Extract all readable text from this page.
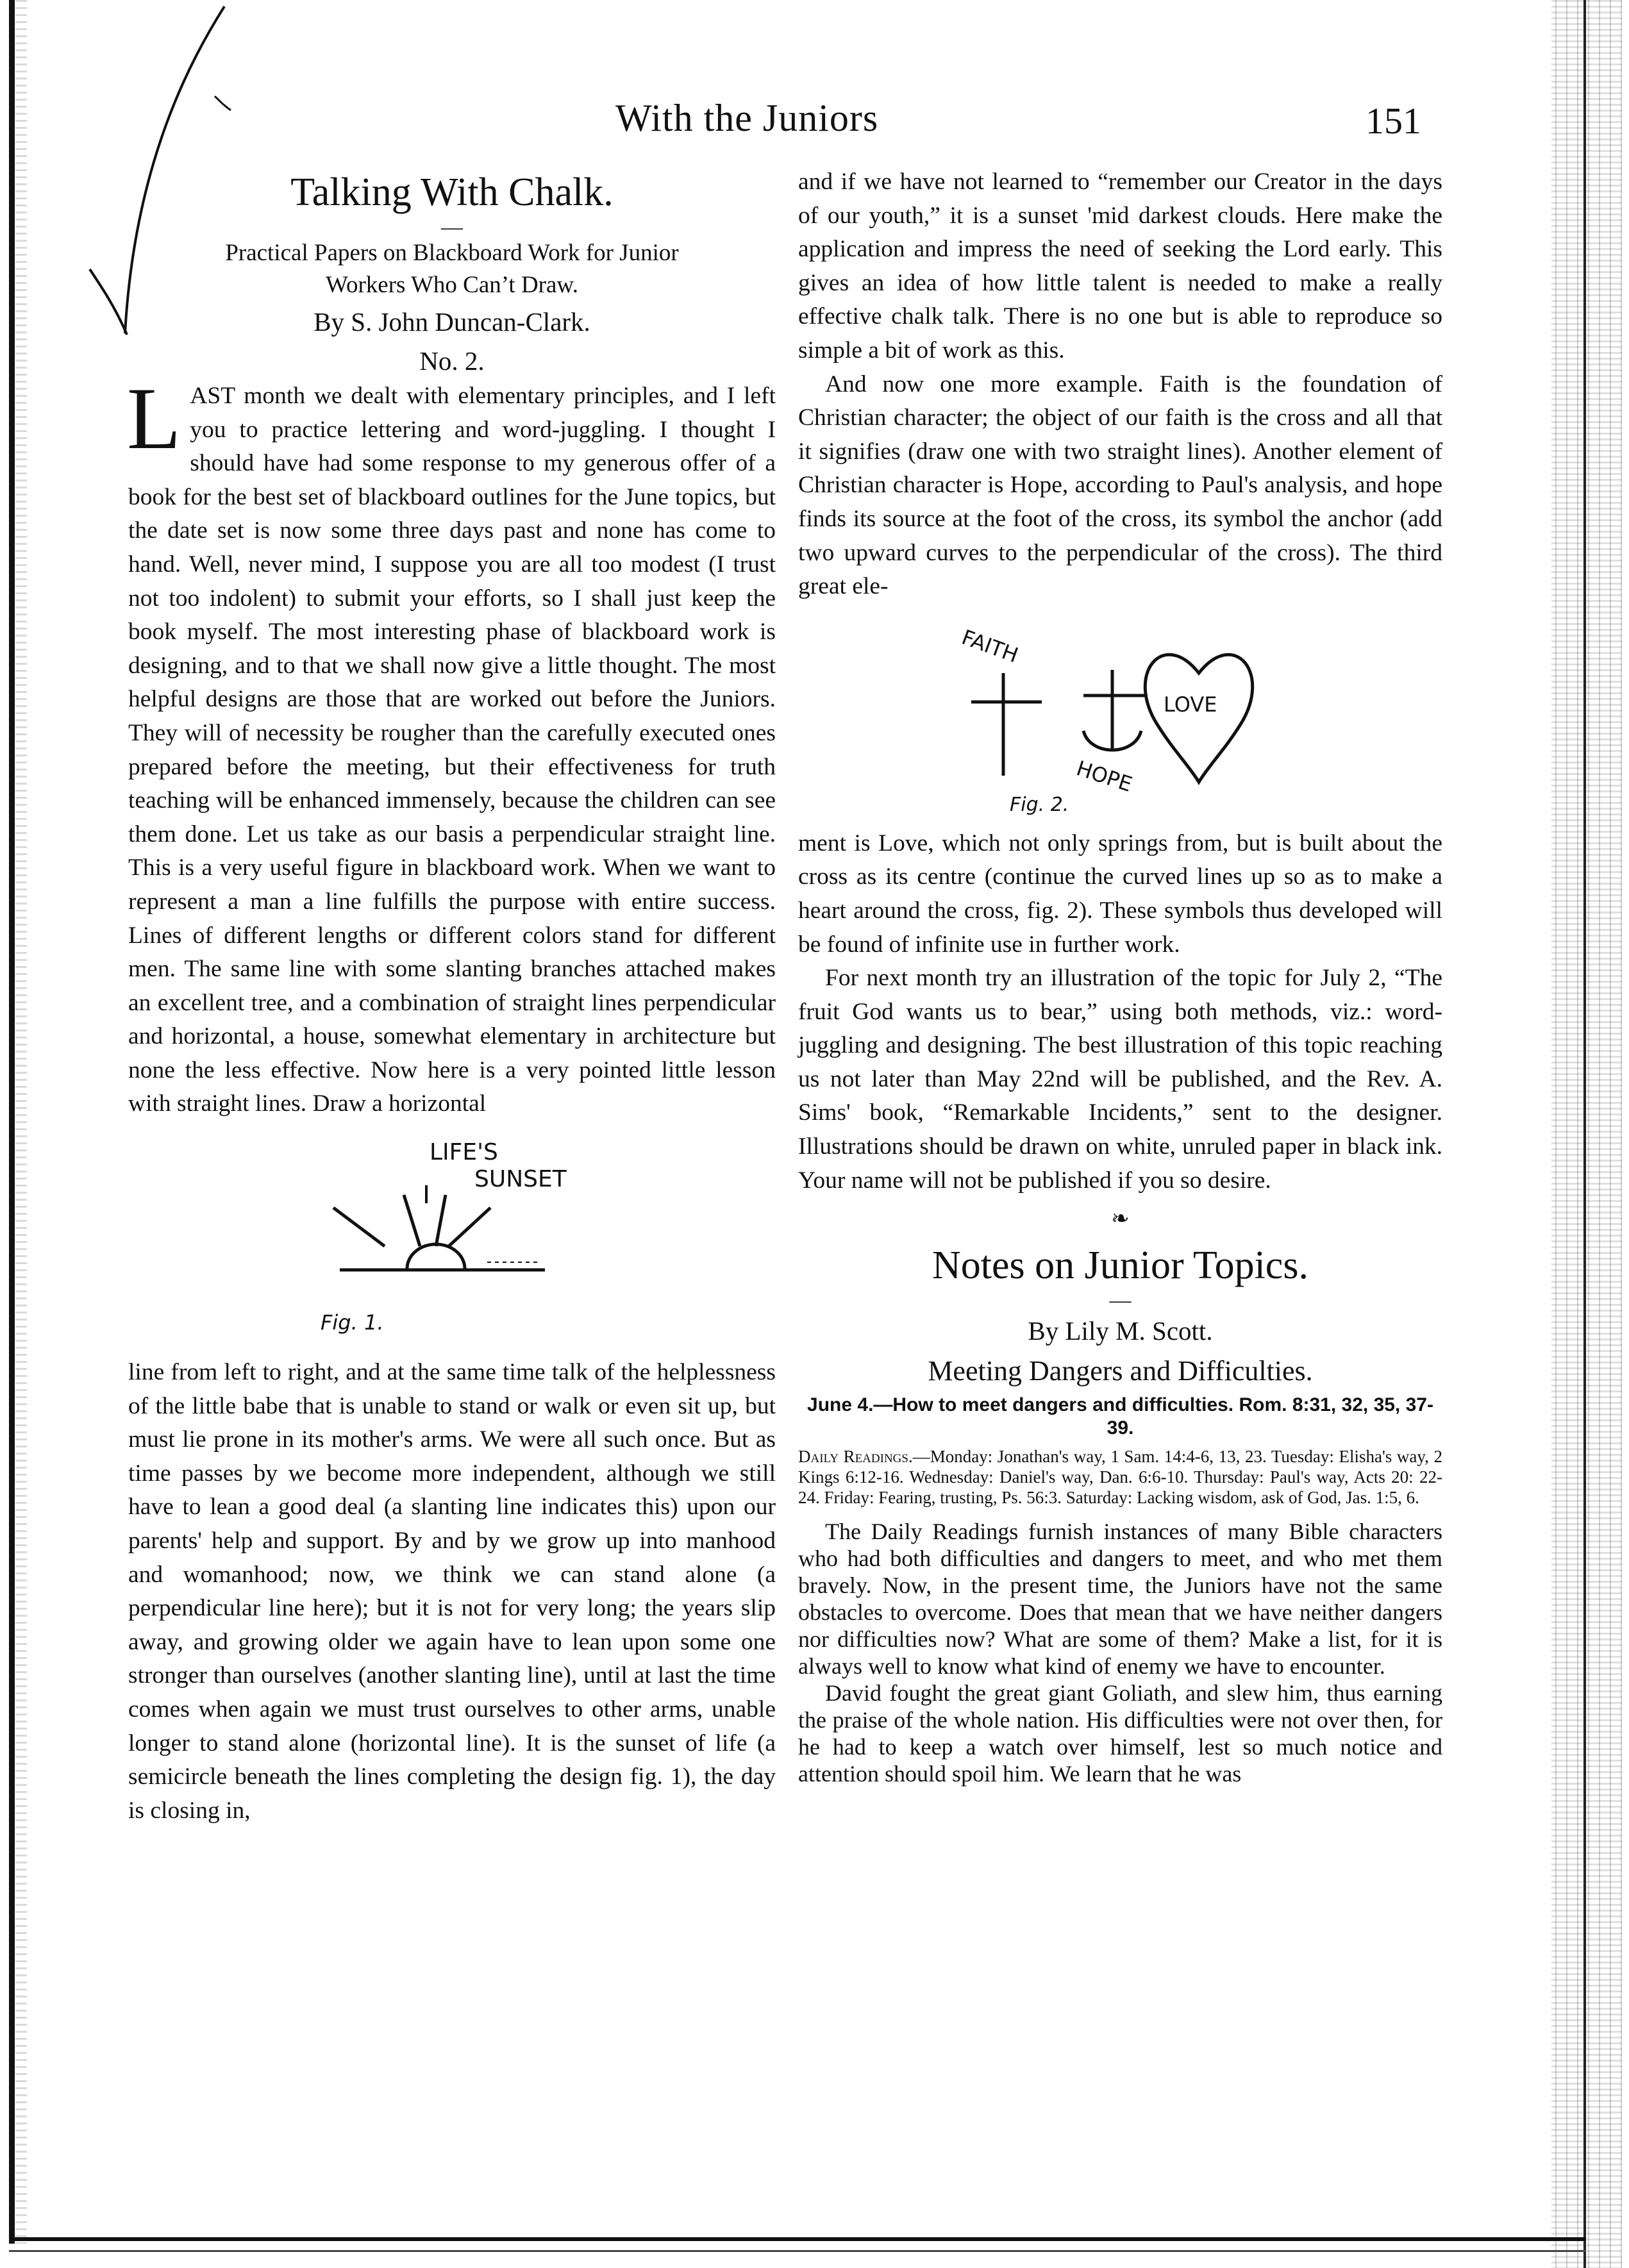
With the Juniors	151
Talking With Chalk.
—
Practical Papers on Blackboard Work for Junior
Workers Who Can’t Draw.
By S. John Duncan-Clark.
No. 2.
L AST month we dealt with elementary principles, and I left you to practice lettering and word-juggling. I thought I should have had some response to my generous offer of a book for the best set of blackboard outlines for the June topics, but the date set is now some three days past and none has come to hand. Well, never mind, I suppose you are all too modest (I trust not too indolent) to submit your efforts, so I shall just keep the book myself. The most interesting phase of blackboard work is designing, and to that we shall now give a little thought. The most helpful designs are those that are worked out before the Juniors. They will of necessity be rougher than the carefully executed ones prepared before the meeting, but their effectiveness for truth teaching will be enhanced immensely, because the children can see them done. Let us take as our basis a perpendicular straight line. This is a very useful figure in blackboard work. When we want to represent a man a line fulfills the purpose with entire success. Lines of different lengths or different colors stand for different men. The same line with some slanting branches attached makes an excellent tree, and a combination of straight lines perpendicular and horizontal, a house, somewhat elementary in architecture but none the less effective. Now here is a very pointed little lesson with straight lines. Draw a horizontal

LIFE'S
SUNSET
Fig. 1.

line from left to right, and at the same time talk of the helplessness of the little babe that is unable to stand or walk or even sit up, but must lie prone in its mother's arms. We were all such once. But as time passes by we become more independent, although we still have to lean a good deal (a slanting line indicates this) upon our parents' help and support. By and by we grow up into manhood and womanhood; now, we think we can stand alone (a perpendicular line here); but it is not for very long; the years slip away, and growing older we again have to lean upon some one stronger than ourselves (another slanting line), until at last the time comes when again we must trust ourselves to other arms, unable longer to stand alone (horizontal line). It is the sunset of life (a semicircle beneath the lines completing the design fig. 1), the day is closing in,

and if we have not learned to “remember our Creator in the days of our youth,” it is a sunset 'mid darkest clouds. Here make the application and impress the need of seeking the Lord early. This gives an idea of how little talent is needed to make a really effective chalk talk. There is no one but is able to reproduce so simple a bit of work as this.

And now one more example. Faith is the foundation of Christian character; the object of our faith is the cross and all that it signifies (draw one with two straight lines). Another element of Christian character is Hope, according to Paul's analysis, and hope finds its source at the foot of the cross, its symbol the anchor (add two upward curves to the perpendicular of the cross). The third great ele-

FAITH
HOPE
LOVE
Fig. 2.

ment is Love, which not only springs from, but is built about the cross as its centre (continue the curved lines up so as to make a heart around the cross, fig. 2). These symbols thus developed will be found of infinite use in further work.

For next month try an illustration of the topic for July 2, “The fruit God wants us to bear,” using both methods, viz.: word-juggling and designing. The best illustration of this topic reaching us not later than May 22nd will be published, and the Rev. A. Sims' book, “Remarkable Incidents,” sent to the designer. Illustrations should be drawn on white, unruled paper in black ink. Your name will not be published if you so desire.

❧
Notes on Junior Topics.
—
By Lily M. Scott.
Meeting Dangers and Difficulties.
June 4.—How to meet dangers and difficulties. Rom. 8:31, 32, 35, 37-39.
Daily Readings.—Monday: Jonathan's way, 1 Sam. 14:4-6, 13, 23. Tuesday: Elisha's way, 2 Kings 6:12-16. Wednesday: Daniel's way, Dan. 6:6-10. Thursday: Paul's way, Acts 20: 22-24. Friday: Fearing, trusting, Ps. 56:3. Saturday: Lacking wisdom, ask of God, Jas. 1:5, 6.

The Daily Readings furnish instances of many Bible characters who had both difficulties and dangers to meet, and who met them bravely. Now, in the present time, the Juniors have not the same obstacles to overcome. Does that mean that we have neither dangers nor difficulties now? What are some of them? Make a list, for it is always well to know what kind of enemy we have to encounter.

David fought the great giant Goliath, and slew him, thus earning the praise of the whole nation. His difficulties were not over then, for he had to keep a watch over himself, lest so much notice and attention should spoil him. We learn that he was
